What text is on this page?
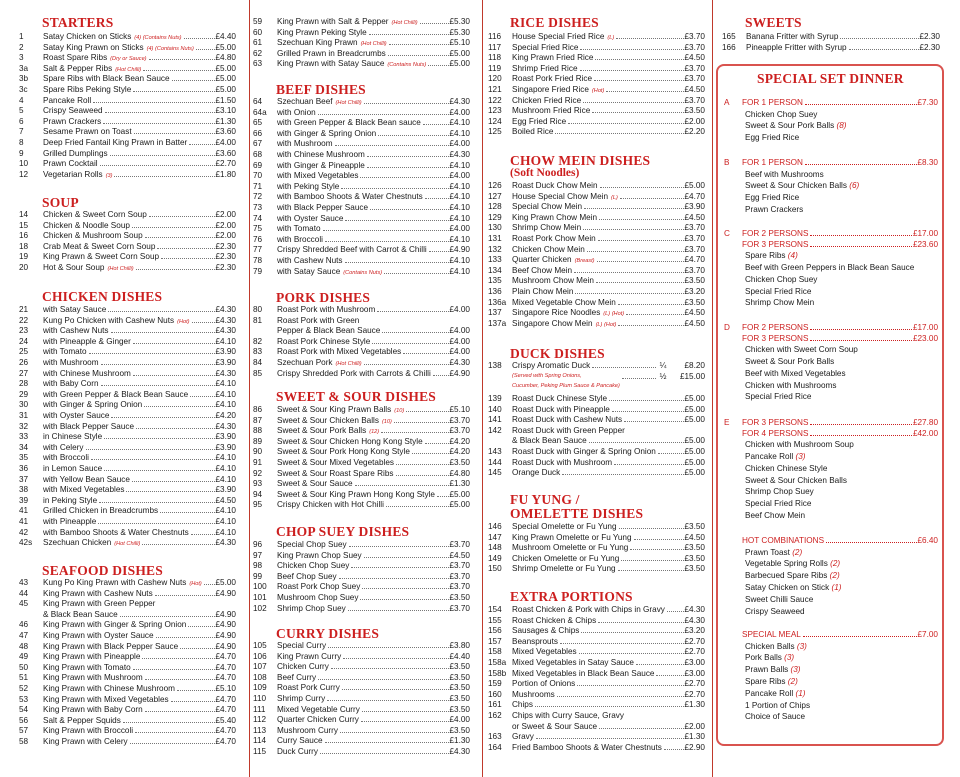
STARTERS
1	Satay Chicken on Sticks (4) (Contains Nuts)	£4.40
2	Satay King Prawn on Sticks (4) (Contains Nuts)	£5.00
3	Roast Spare Ribs (Dry or Sauce)	£4.80
3a	Salt & Pepper Ribs (Hot Chilli)	£5.00
3b	Spare Ribs with Black Bean Sauce	£5.00
3c	Spare Ribs Peking Style	£5.00
4	Pancake Roll	£1.50
5	Crispy Seaweed	£3.10
6	Prawn Crackers	£1.30
7	Sesame Prawn on Toast	£3.60
8	Deep Fried Fantail King Prawn in Batter	£4.00
9	Grilled Dumplings	£3.60
10	Prawn Cocktail	£2.70
12	Vegetarian Rolls (3)	£1.80
SOUP
14	Chicken & Sweet Corn Soup	£2.00
15	Chicken & Noodle Soup	£2.00
16	Chicken & Mushroom Soup	£2.00
18	Crab Meat & Sweet Corn Soup	£2.30
19	King Prawn & Sweet Corn Soup	£2.30
20	Hot & Sour Soup (Hot Chilli)	£2.30
CHICKEN DISHES
21	with Satay Sauce	£4.30
22	Kung Po Chicken with Cashew Nuts (Hot)	£4.30
23	with Cashew Nuts	£4.30
24	with Pineapple & Ginger	£4.10
25	with Tomato	£3.90
26	with Mushroom	£3.90
27	with Chinese Mushroom	£4.30
28	with Baby Corn	£4.10
29	with Green Pepper & Black Bean Sauce	£4.10
30	with Ginger & Spring Onion	£4.10
31	with Oyster Sauce	£4.20
32	with Black Pepper Sauce	£4.30
33	in Chinese Style	£3.90
34	with Celery	£3.90
35	with Broccoli	£4.10
36	in Lemon Sauce	£4.10
37	with Yellow Bean Sauce	£4.10
38	with Mixed Vegetables	£3.90
39	in Peking Style	£4.50
41	Grilled Chicken in Breadcrumbs	£4.10
41	with Pineapple	£4.10
42	with Bamboo Shoots & Water Chestnuts	£4.10
42s	Szechuan Chicken (Hot Chilli)	£4.30
SEAFOOD DISHES
43	Kung Po King Prawn with Cashew Nuts (Hot) £5.00
44	King Prawn with Cashew Nuts	£4.90
45	King Prawn with Green Pepper
& Black Bean Sauce	£4.90
46	King Prawn with Ginger & Spring Onion	£4.90
47	King Prawn with Oyster Sauce	£4.90
48	King Prawn with Black Pepper Sauce	£4.90
49	King Prawn with Pineapple	£4.70
50	King Prawn with Tomato	£4.70
51	King Prawn with Mushroom	£4.70
52	King Prawn with Chinese Mushroom	£5.10
53	King Prawn with Mixed Vegetables	£4.70
54	King Prawn with Baby Corn	£4.70
56	Salt & Pepper Squids	£5.40
57	King Prawn with Broccoli	£4.70
58	King Prawn with Celery	£4.70
59	King Prawn with Salt & Pepper (Hot Chilli)	£5.30
60	King Prawn Peking Style	£5.30
61	Szechuan King Prawn (Hot Chilli)	£5.10
62	Grilled Prawn in Breadcrumbs	£5.00
63	King Prawn with Satay Sauce (Contains Nuts)	£5.00
BEEF DISHES
64	Szechuan Beef (Hot Chilli)	£4.30
64a	with Onion	£4.00
65	with Green Pepper & Black Bean sauce	£4.10
66	with Ginger & Spring Onion	£4.10
67	with Mushroom	£4.00
68	with Chinese Mushroom	£4.30
69	with Ginger & Pineapple	£4.10
70	with Mixed Vegetables	£4.00
71	with Peking Style	£4.10
72	with Bamboo Shoots & Water Chestnuts	£4.10
73	with Black Pepper Sauce	£4.10
74	with Oyster Sauce	£4.10
75	with Tomato	£4.00
76	with Broccoli	£4.10
77	Crispy Shredded Beef with Carrot & Chilli	£4.90
78	with Cashew Nuts	£4.10
79	with Satay Sauce (Contains Nuts)	£4.10
PORK DISHES
80	Roast Pork with Mushroom	£4.00
81	Roast Pork with Green
Pepper & Black Bean Sauce	£4.00
82	Roast Pork Chinese Style	£4.00
83	Roast Pork with Mixed Vegetables	£4.00
84	Szechuan Pork (Hot Chilli)	£4.30
85	Crispy Shredded Pork with Carrots & Chilli £4.90
SWEET & SOUR DISHES
86	Sweet & Sour King Prawn Balls (10)	£5.10
87	Sweet & Sour Chicken Balls (10)	£3.70
88	Sweet & Sour Pork Balls (12)	£3.70
89	Sweet & Sour Chicken Hong Kong Style	£4.20
90	Sweet & Sour Pork Hong Kong Style	£4.20
91	Sweet & Sour Mixed Vegetables	£3.50
92	Sweet & Sour Roast Spare Ribs	£4.80
93	Sweet & Sour Sauce	£1.30
94	Sweet & Sour King Prawn Hong Kong Style £5.00
95	Crispy Chicken with Hot Chilli	£5.00
CHOP SUEY DISHES
96	Special Chop Suey	£3.70
97	King Prawn Chop Suey	£4.50
98	Chicken Chop Suey	£3.70
99	Beef Chop Suey	£3.70
100	Roast Pork Chop Suey	£3.70
101	Mushroom Chop Suey	£3.50
102	Shrimp Chop Suey	£3.70
CURRY DISHES
105	Special Curry	£3.80
106	King Prawn Curry	£4.40
107	Chicken Curry	£3.50
108	Beef Curry	£3.50
109	Roast Pork Curry	£3.50
110	Shrimp Curry	£3.50
111	Mixed Vegetable Curry	£3.50
112	Quarter Chicken Curry	£4.00
113	Mushroom Curry	£3.50
114	Curry Sauce	£1.30
115	Duck Curry	£4.30
RICE DISHES
116	House Special Fried Rice (L)	£3.70
117	Special Fried Rice	£3.70
118	King Prawn Fried Rice	£4.50
119	Shrimp Fried Rice	£3.70
120	Roast Pork Fried Rice	£3.70
121	Singapore Fried Rice (Hot)	£4.50
122	Chicken Fried Rice	£3.70
123	Mushroom Fried Rice	£3.50
124	Egg Fried Rice	£2.00
125	Boiled Rice	£2.20
CHOW MEIN DISHES
(Soft Noodles)
126	Roast Duck Chow Mein	£5.00
127	House Special Chow Mein (L)	£4.70
128	Special Chow Mein	£3.90
129	King Prawn Chow Mein	£4.50
130	Shrimp Chow Mein	£3.70
131	Roast Pork Chow Mein	£3.70
132	Chicken Chow Mein	£3.70
133	Quarter Chicken (Breast)	£4.70
134	Beef Chow Mein	£3.70
135	Mushroom Chow Mein	£3.50
136	Plain Chow Mein	£3.20
136a Mixed Vegetable Chow Mein	£3.50
137	Singapore Rice Noodles (L) (Hot)	£4.50
137a Singapore Chow Mein (L) (Hot)	£4.50
DUCK DISHES
138	Crispy Aromatic Duck	¼	£8.20
(Served with Spring Onions,	½	£15.00
Cucumber, Peking Plum Sauce & Pancake)
139	Roast Duck Chinese Style	£5.00
140	Roast Duck with Pineapple	£5.00
141	Roast Duck with Cashew Nuts	£5.00
142	Roast Duck with Green Pepper
& Black Bean Sauce	£5.00
143	Roast Duck with Ginger & Spring Onion	£5.00
144	Roast Duck with Mushroom	£5.00
145	Orange Duck	£5.00
FU YUNG /
OMELETTE DISHES
146	Special Omelette or Fu Yung	£3.50
147	King Prawn Omelette or Fu Yung	£4.50
148	Mushroom Omelette or Fu Yung	£3.50
149	Chicken Omelette or Fu Yung	£3.50
150	Shrimp Omelette or Fu Yung	£3.50
EXTRA PORTIONS
154	Roast Chicken & Pork with Chips in Gravy £4.30
155	Roast Chicken & Chips	£4.30
156	Sausages & Chips	£3.20
157	Beansprouts	£2.70
158	Mixed Vegetables	£2.70
158a Mixed Vegetables in Satay Sauce	£3.00
158b Mixed Vegetables in Black Bean Sauce	£3.00
159	Portion of Onions	£2.70
160	Mushrooms	£2.70
161	Chips	£1.30
162	Chips with Curry Sauce, Gravy
or Sweet & Sour Sauce	£2.00
163	Gravy	£1.30
164	Fried Bamboo Shoots & Water Chestnuts	£2.90
SWEETS
165	Banana Fritter with Syrup	£2.30
166	Pineapple Fritter with Syrup	£2.30
SPECIAL SET DINNER
A	FOR 1 PERSON	£7.30
Chicken Chop Suey
Sweet & Sour Pork Balls (8)
Egg Fried Rice
B	FOR 1 PERSON	£8.30
Beef with Mushrooms
Sweet & Sour Chicken Balls (6)
Egg Fried Rice
Prawn Crackers
C	FOR 2 PERSONS	£17.00
FOR 3 PERSONS	£23.60
Spare Ribs (4)
Beef with Green Peppers in Black Bean Sauce
Chicken Chop Suey
Special Fried Rice
Shrimp Chow Mein
D	FOR 2 PERSONS	£17.00
FOR 3 PERSONS	£23.00
Chicken with Sweet Corn Soup
Sweet & Sour Pork Balls
Beef with Mixed Vegetables
Chicken with Mushrooms
Special Fried Rice
E	FOR 3 PERSONS	£27.80
FOR 4 PERSONS	£42.00
Chicken with Mushroom Soup
Pancake Roll (3)
Chicken Chinese Style
Sweet & Sour Chicken Balls
Shrimp Chop Suey
Special Fried Rice
Beef Chow Mein
HOT COMBINATIONS	£6.40
Prawn Toast (2)
Vegetable Spring Rolls (2)
Barbecued Spare Ribs (2)
Satay Chicken on Stick (1)
Sweet Chilli Sauce
Crispy Seaweed
SPECIAL MEAL	£7.00
Chicken Balls (3)
Pork Balls (3)
Prawn Balls (3)
Spare Ribs (2)
Pancake Roll (1)
1 Portion of Chips
Choice of Sauce
